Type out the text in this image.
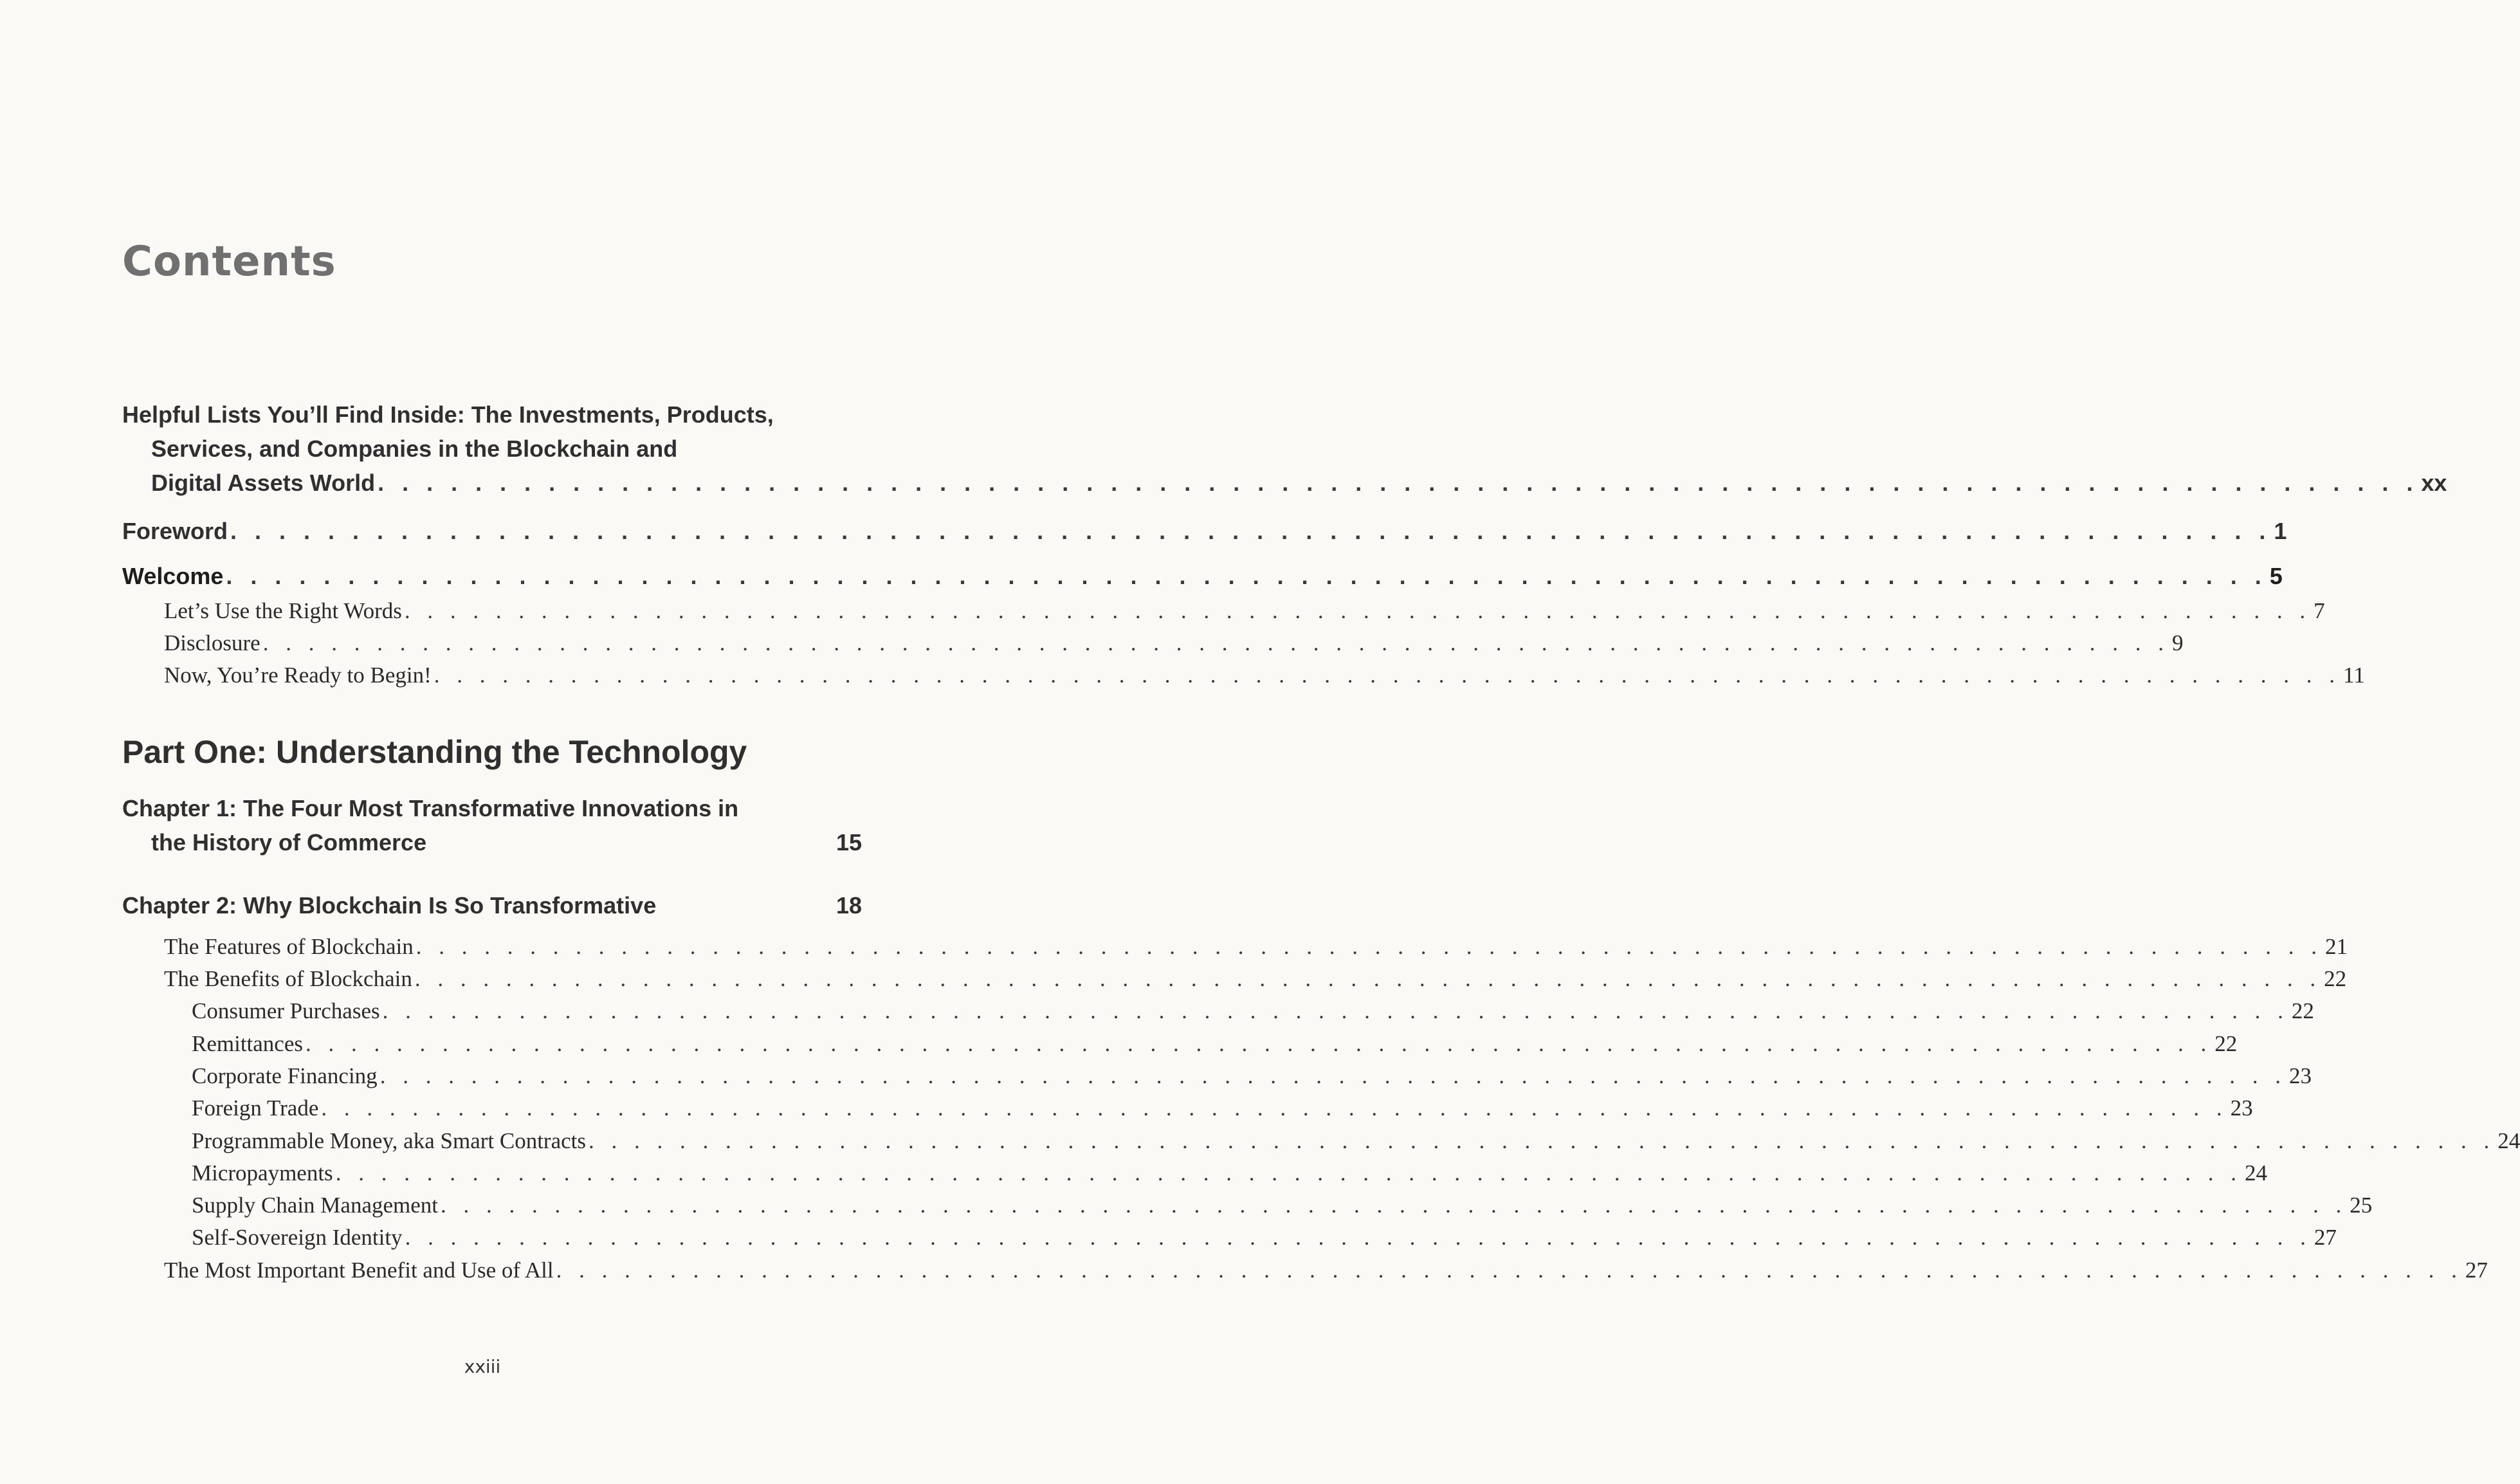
Contents
Helpful Lists You’ll Find Inside: The Investments, Products,
Services, and Companies in the Blockchain and
Digital Assets World . . . . . . . . . . . . . . . . . . . . . . . . . . . . . . . . . . . . . . . . . . . . . . . . . . . . . . . . . . . . . . . . . . . . . . . . . . . . . . . . . . . . xx
Foreword . . . . . . . . . . . . . . . . . . . . . . . . . . . . . . . . . . . . . . . . . . . . . . . . . . . . . . . . . . . . . . . . . . . . . . . . . . . . . . . . . . . . 1
Welcome . . . . . . . . . . . . . . . . . . . . . . . . . . . . . . . . . . . . . . . . . . . . . . . . . . . . . . . . . . . . . . . . . . . . . . . . . . . . . . . . . . . . 5
Let’s Use the Right Words . . . . . . . . . . . . . . . . . . . . . . . . . . . . . . . . . . . . . . . . . . . . . . . . . . . . . . . . . . . . . . . . . . . . . . . . . . . . . . . . . . . . 7
Disclosure . . . . . . . . . . . . . . . . . . . . . . . . . . . . . . . . . . . . . . . . . . . . . . . . . . . . . . . . . . . . . . . . . . . . . . . . . . . . . . . . . . . . 9
Now, You’re Ready to Begin! . . . . . . . . . . . . . . . . . . . . . . . . . . . . . . . . . . . . . . . . . . . . . . . . . . . . . . . . . . . . . . . . . . . . . . . . . . . . . . . . . . . . 11
Part One: Understanding the Technology
Chapter 1: The Four Most Transformative Innovations in
the History of Commerce	15
Chapter 2: Why Blockchain Is So Transformative	18
The Features of Blockchain . . . . . . . . . . . . . . . . . . . . . . . . . . . . . . . . . . . . . . . . . . . . . . . . . . . . . . . . . . . . . . . . . . . . . . . . . . . . . . . . . . . . 21
The Benefits of Blockchain . . . . . . . . . . . . . . . . . . . . . . . . . . . . . . . . . . . . . . . . . . . . . . . . . . . . . . . . . . . . . . . . . . . . . . . . . . . . . . . . . . . . 22
Consumer Purchases . . . . . . . . . . . . . . . . . . . . . . . . . . . . . . . . . . . . . . . . . . . . . . . . . . . . . . . . . . . . . . . . . . . . . . . . . . . . . . . . . . . . 22
Remittances . . . . . . . . . . . . . . . . . . . . . . . . . . . . . . . . . . . . . . . . . . . . . . . . . . . . . . . . . . . . . . . . . . . . . . . . . . . . . . . . . . . . 22
Corporate Financing . . . . . . . . . . . . . . . . . . . . . . . . . . . . . . . . . . . . . . . . . . . . . . . . . . . . . . . . . . . . . . . . . . . . . . . . . . . . . . . . . . . . 23
Foreign Trade . . . . . . . . . . . . . . . . . . . . . . . . . . . . . . . . . . . . . . . . . . . . . . . . . . . . . . . . . . . . . . . . . . . . . . . . . . . . . . . . . . . . 23
Programmable Money, aka Smart Contracts . . . . . . . . . . . . . . . . . . . . . . . . . . . . . . . . . . . . . . . . . . . . . . . . . . . . . . . . . . . . . . . . . . . . . . . . . . . . . . . . . . . . 24
Micropayments . . . . . . . . . . . . . . . . . . . . . . . . . . . . . . . . . . . . . . . . . . . . . . . . . . . . . . . . . . . . . . . . . . . . . . . . . . . . . . . . . . . . 24
Supply Chain Management . . . . . . . . . . . . . . . . . . . . . . . . . . . . . . . . . . . . . . . . . . . . . . . . . . . . . . . . . . . . . . . . . . . . . . . . . . . . . . . . . . . . 25
Self-Sovereign Identity . . . . . . . . . . . . . . . . . . . . . . . . . . . . . . . . . . . . . . . . . . . . . . . . . . . . . . . . . . . . . . . . . . . . . . . . . . . . . . . . . . . . 27
The Most Important Benefit and Use of All . . . . . . . . . . . . . . . . . . . . . . . . . . . . . . . . . . . . . . . . . . . . . . . . . . . . . . . . . . . . . . . . . . . . . . . . . . . . . . . . . . . . 27
xxiii
